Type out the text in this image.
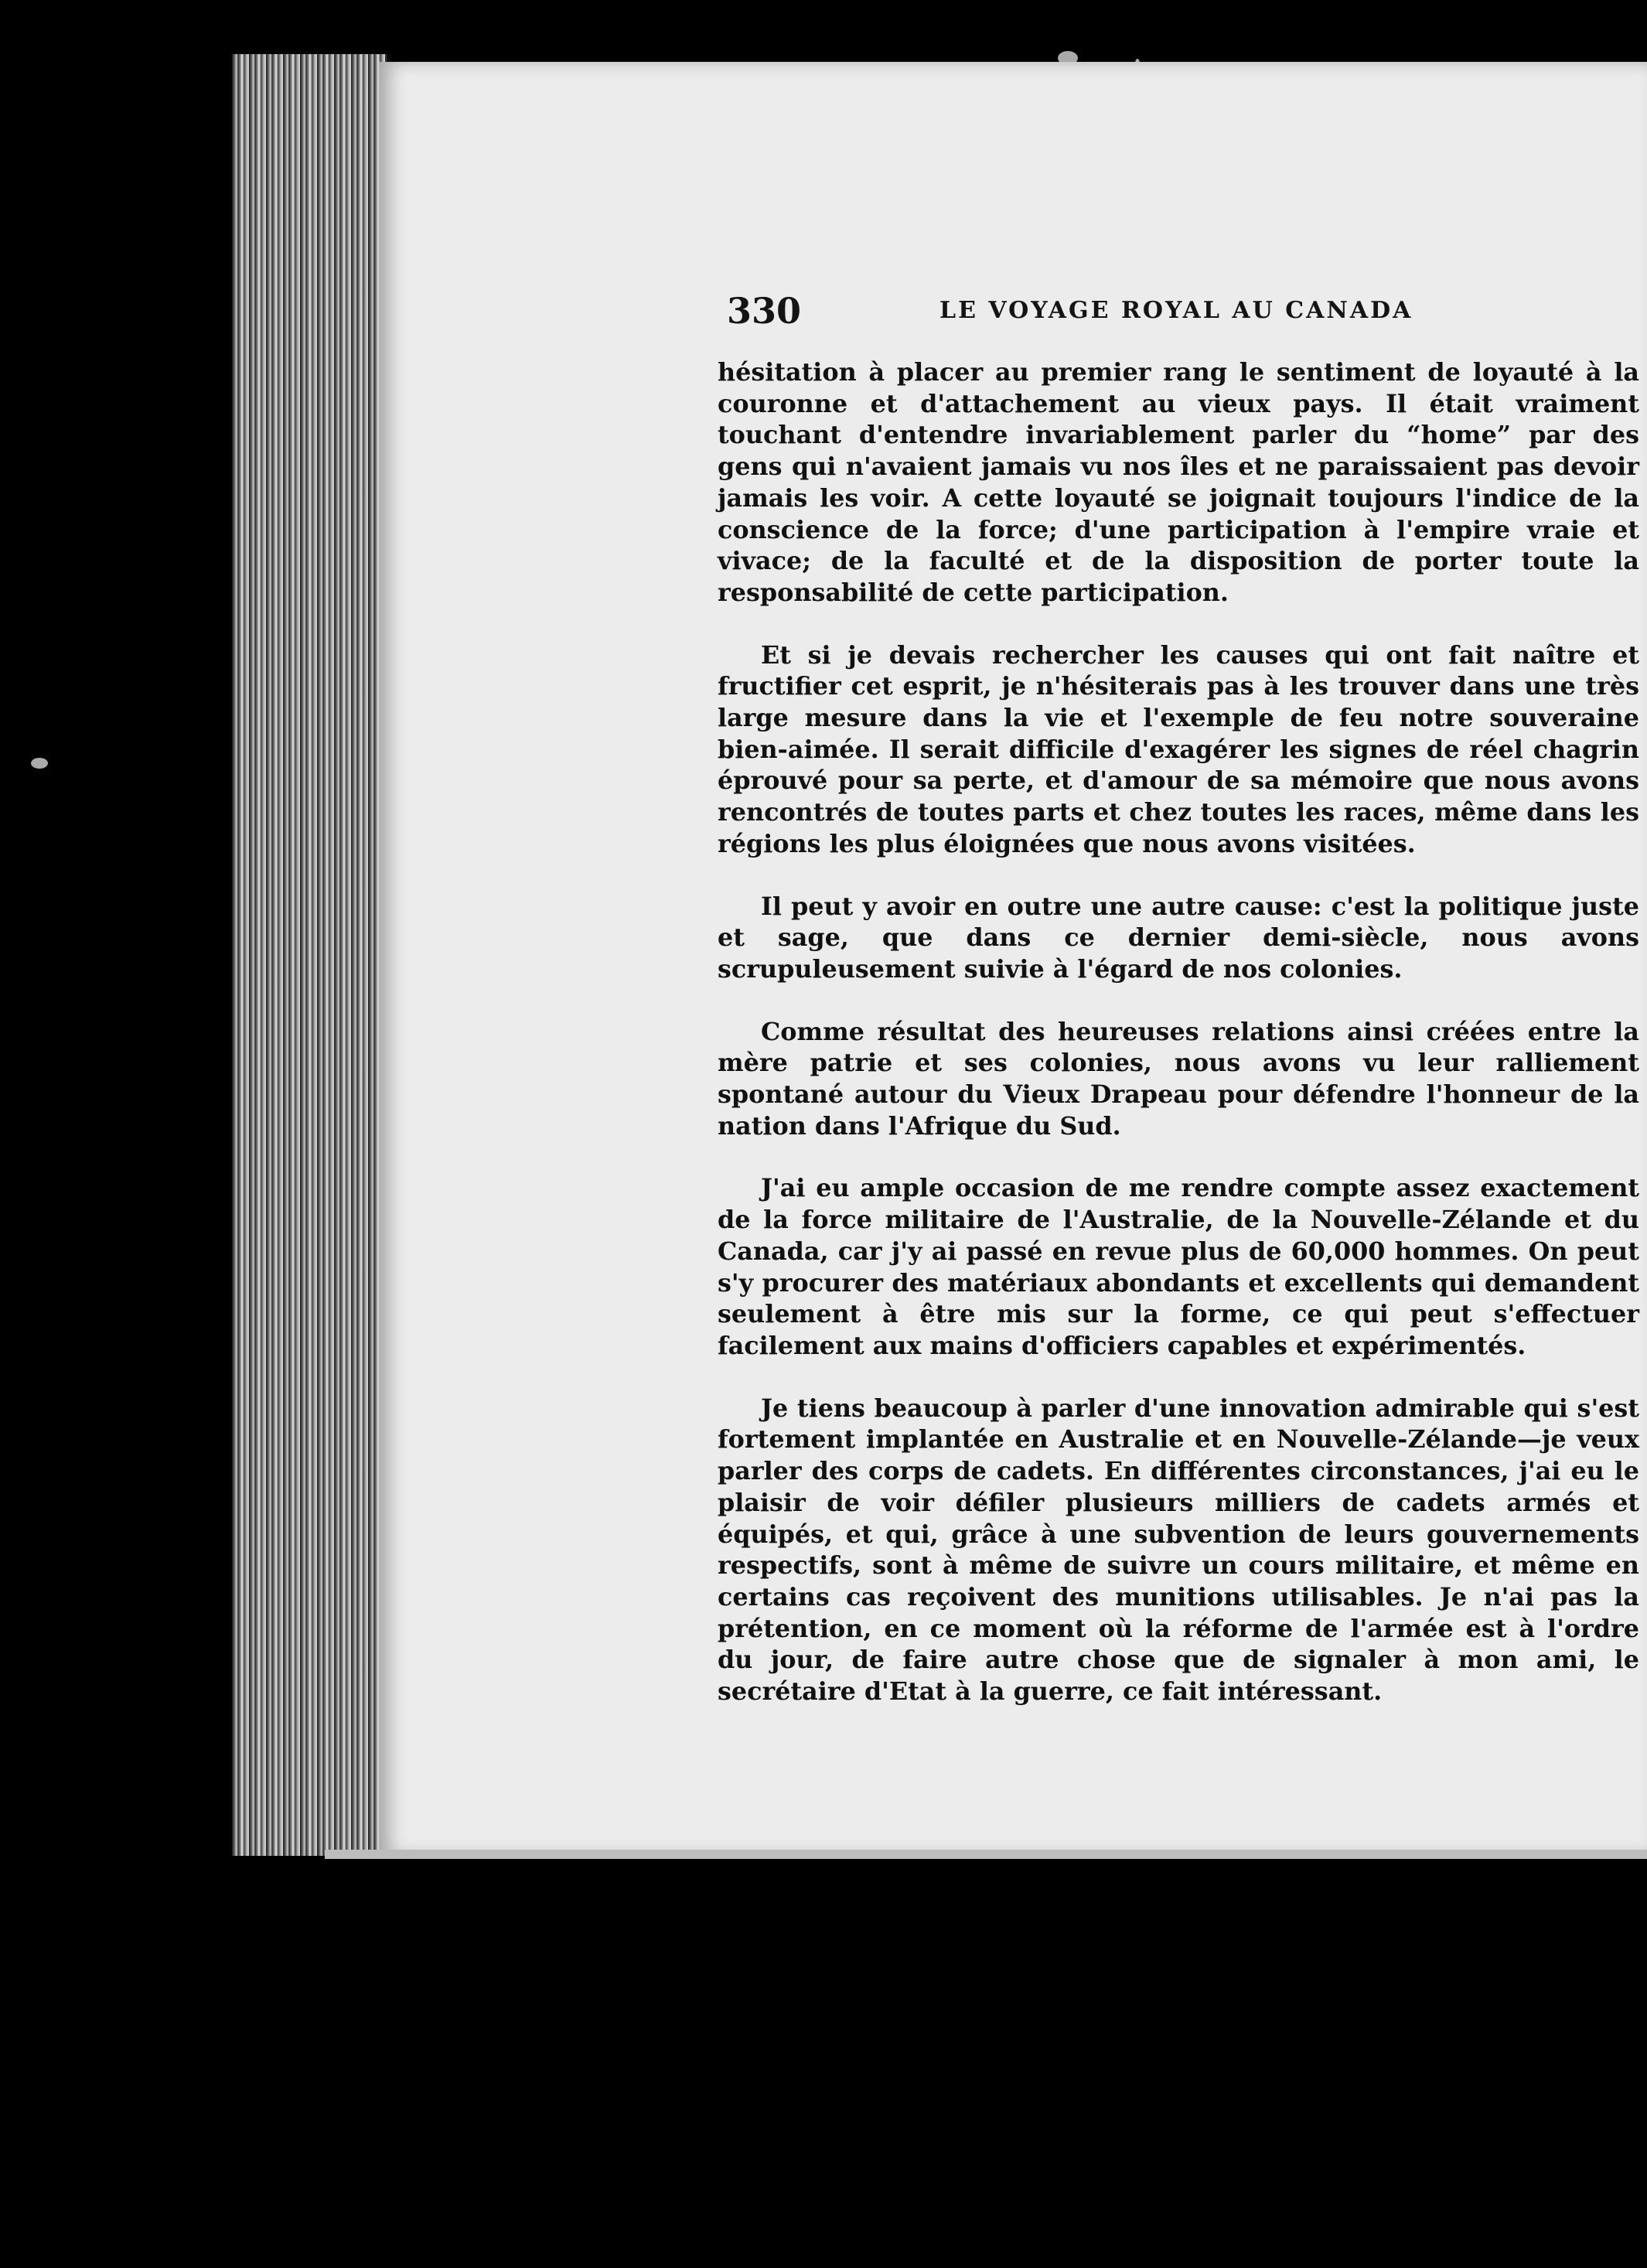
330	LE VOYAGE ROYAL AU CANADA

hésitation à placer au premier rang le sentiment de loyauté à la couronne et d'attachement au vieux pays. Il était vraiment touchant d'entendre invariablement parler du “home” par des gens qui n'avaient jamais vu nos îles et ne paraissaient pas devoir jamais les voir. A cette loyauté se joignait toujours l'indice de la conscience de la force; d'une participation à l'empire vraie et vivace; de la faculté et de la disposition de porter toute la responsabilité de cette participation.

Et si je devais rechercher les causes qui ont fait naître et fructifier cet esprit, je n'hésiterais pas à les trouver dans une très large mesure dans la vie et l'exemple de feu notre souveraine bien-aimée. Il serait difficile d'exagérer les signes de réel chagrin éprouvé pour sa perte, et d'amour de sa mémoire que nous avons rencontrés de toutes parts et chez toutes les races, même dans les régions les plus éloignées que nous avons visitées.

Il peut y avoir en outre une autre cause: c'est la politique juste et sage, que dans ce dernier demi-siècle, nous avons scrupuleusement suivie à l'égard de nos colonies.

Comme résultat des heureuses relations ainsi créées entre la mère patrie et ses colonies, nous avons vu leur ralliement spontané autour du Vieux Drapeau pour défendre l'honneur de la nation dans l'Afrique du Sud.

J'ai eu ample occasion de me rendre compte assez exactement de la force militaire de l'Australie, de la Nouvelle-Zélande et du Canada, car j'y ai passé en revue plus de 60,000 hommes. On peut s'y procurer des matériaux abondants et excellents qui demandent seulement à être mis sur la forme, ce qui peut s'effectuer facilement aux mains d'officiers capables et expérimentés.

Je tiens beaucoup à parler d'une innovation admirable qui s'est fortement implantée en Australie et en Nouvelle-Zélande—je veux parler des corps de cadets. En différentes circonstances, j'ai eu le plaisir de voir défiler plusieurs milliers de cadets armés et équipés, et qui, grâce à une subvention de leurs gouvernements respectifs, sont à même de suivre un cours militaire, et même en certains cas reçoivent des munitions utilisables. Je n'ai pas la prétention, en ce moment où la réforme de l'armée est à l'ordre du jour, de faire autre chose que de signaler à mon ami, le secrétaire d'Etat à la guerre, ce fait intéressant.
